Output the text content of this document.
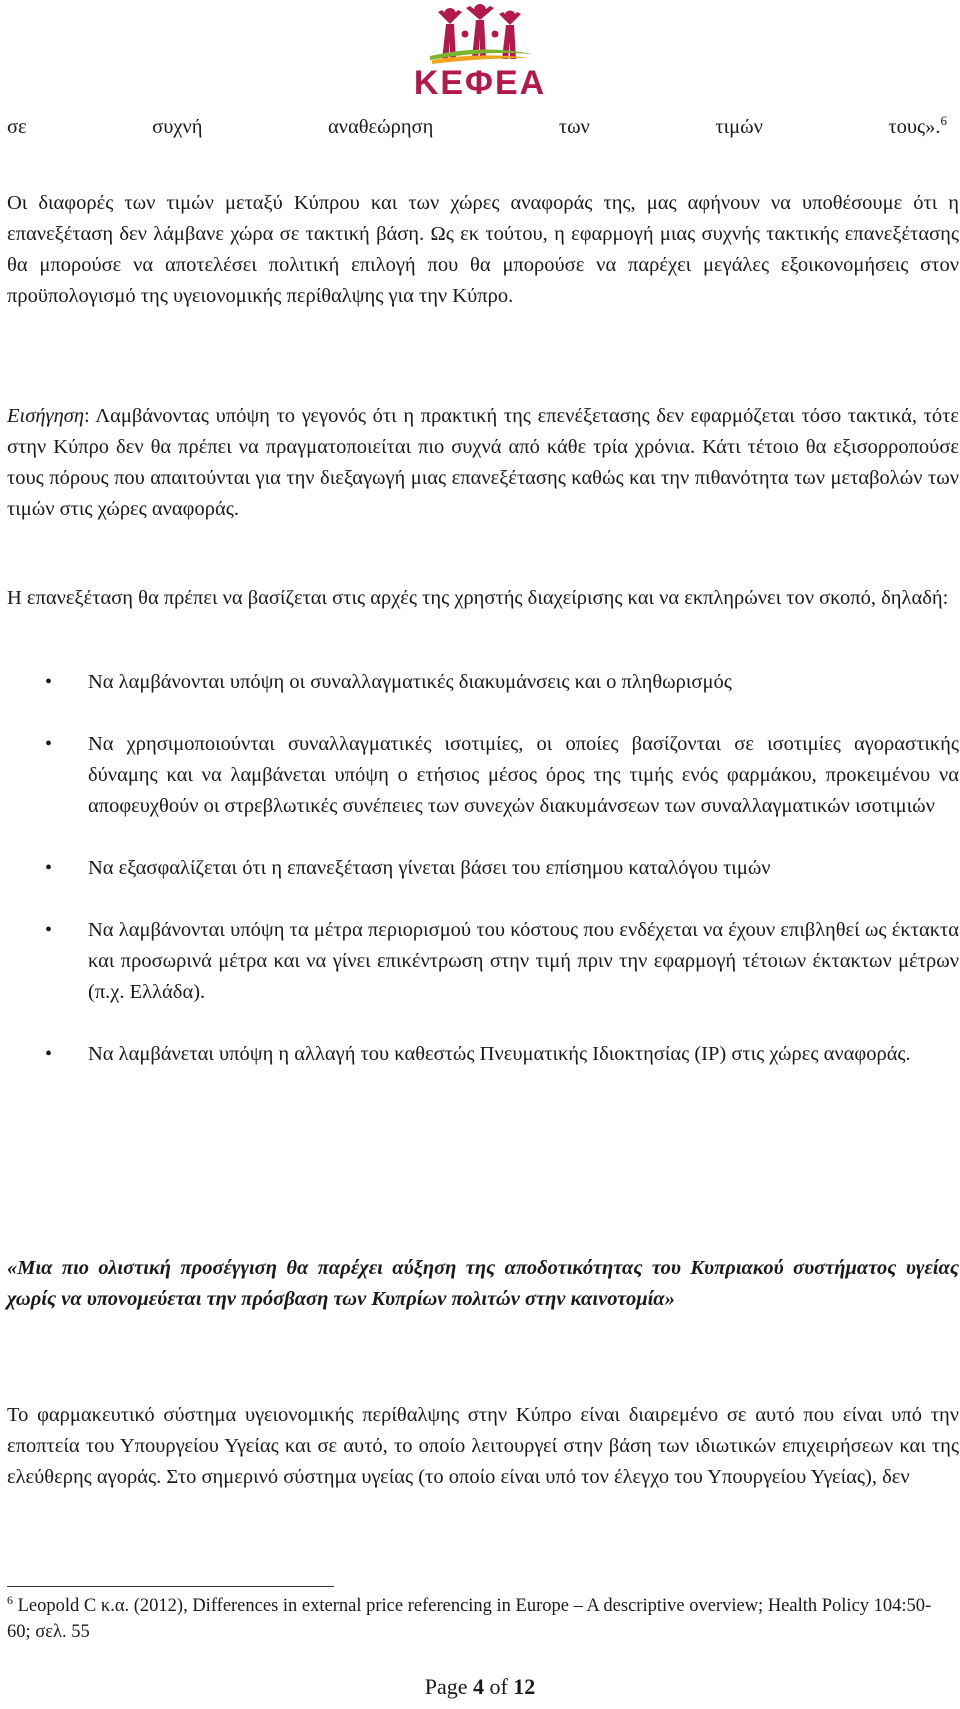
ΚΕΦΕΑ
σε	συχνή	αναθεώρηση	των	τιμών	τους».$^6$

Οι διαφορές των τιμών μεταξύ Κύπρου και των χώρες αναφοράς της, μας αφήνουν να υποθέσουμε ότι η επανεξέταση δεν λάμβανε χώρα σε τακτική βάση. Ως εκ τούτου, η εφαρμογή μιας συχνής τακτικής επανεξέτασης θα μπορούσε να αποτελέσει πολιτική επιλογή που θα μπορούσε να παρέχει μεγάλες εξοικονομήσεις στον προϋπολογισμό της υγειονομικής περίθαλψης για την Κύπρο.

Εισήγηση: Λαμβάνοντας υπόψη το γεγονός ότι η πρακτική της επενέξετασης δεν εφαρμόζεται τόσο τακτικά, τότε στην Κύπρο δεν θα πρέπει να πραγματοποιείται πιο συχνά από κάθε τρία χρόνια. Κάτι τέτοιο θα εξισορροπούσε τους πόρους που απαιτούνται για την διεξαγωγή μιας επανεξέτασης καθώς και την πιθανότητα των μεταβολών των τιμών στις χώρες αναφοράς.

Η επανεξέταση θα πρέπει να βασίζεται στις αρχές της χρηστής διαχείρισης και να εκπληρώνει τον σκοπό, δηλαδή:

• Να λαμβάνονται υπόψη οι συναλλαγματικές διακυμάνσεις και ο πληθωρισμός
• Να χρησιμοποιούνται συναλλαγματικές ισοτιμίες, οι οποίες βασίζονται σε ισοτιμίες αγοραστικής δύναμης και να λαμβάνεται υπόψη ο ετήσιος μέσος όρος της τιμής ενός φαρμάκου, προκειμένου να αποφευχθούν οι στρεβλωτικές συνέπειες των συνεχών διακυμάνσεων των συναλλαγματικών ισοτιμιών
• Να εξασφαλίζεται ότι η επανεξέταση γίνεται βάσει του επίσημου καταλόγου τιμών
• Να λαμβάνονται υπόψη τα μέτρα περιορισμού του κόστους που ενδέχεται να έχουν επιβληθεί ως έκτακτα και προσωρινά μέτρα και να γίνει επικέντρωση στην τιμή πριν την εφαρμογή τέτοιων έκτακτων μέτρων (π.χ. Ελλάδα).
• Να λαμβάνεται υπόψη η αλλαγή του καθεστώς Πνευματικής Ιδιοκτησίας (IP) στις χώρες αναφοράς.
«Μια πιο ολιστική προσέγγιση θα παρέχει αύξηση της αποδοτικότητας του Κυπριακού συστήματος υγείας χωρίς να υπονομεύεται την πρόσβαση των Κυπρίων πολιτών στην καινοτομία»

Το φαρμακευτικό σύστημα υγειονομικής περίθαλψης στην Κύπρο είναι διαιρεμένο σε αυτό που είναι υπό την εποπτεία του Υπουργείου Υγείας και σε αυτό, το οποίο λειτουργεί στην βάση των ιδιωτικών επιχειρήσεων και της ελεύθερης αγοράς. Στο σημερινό σύστημα υγείας (το οποίο είναι υπό τον έλεγχο του Υπουργείου Υγείας), δεν

$^6$ Leopold C κ.α. (2012), Differences in external price referencing in Europe – A descriptive overview; Health Policy 104:50-60; σελ. 55
Page 4 of 12
